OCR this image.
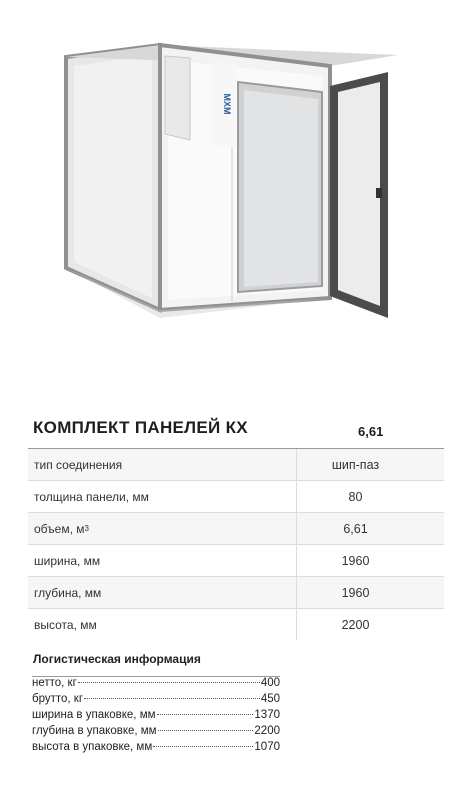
МХМ
КОМПЛЕКТ ПАНЕЛЕЙ КХ	6,61
тип соединения	шип-паз
толщина панели, мм	80
объем, м 3	6,61
ширина, мм	1960
глубина, мм	1960
высота, мм	2200
Логистическая информация
нетто, кг	400
брутто, кг	450
ширина в упаковке, мм	1370
глубина в упаковке, мм	2200
высота в упаковке, мм	1070
